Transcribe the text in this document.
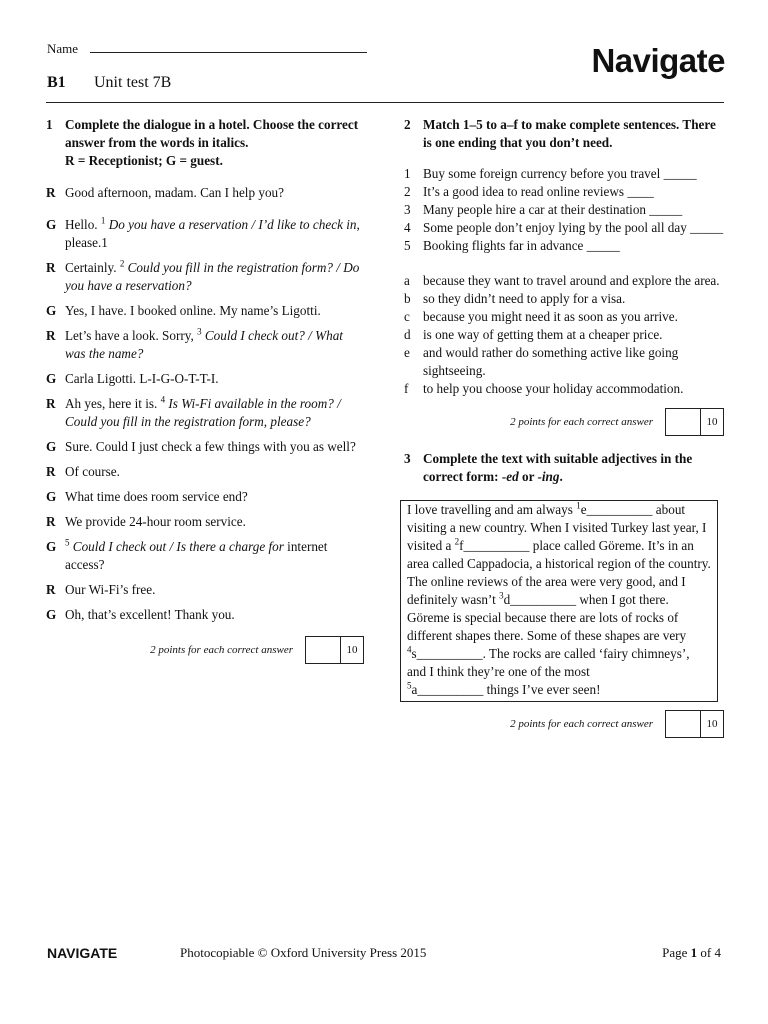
Name
B1 Unit test 7B
Navigate
1 Complete the dialogue in a hotel. Choose the correct answer from the words in italics.
R = Receptionist; G = guest.
R Good afternoon, madam. Can I help you?
G Hello. $^1$ Do you have a reservation / I’d like to check in, please.1
R Certainly. $^2$ Could you fill in the registration form? / Do you have a reservation?
G Yes, I have. I booked online. My name’s Ligotti.
R Let’s have a look. Sorry, $^3$ Could I check out? / What was the name?
G Carla Ligotti. L-I-G-O-T-T-I.
R Ah yes, here it is. $^4$ Is Wi-Fi available in the room? / Could you fill in the registration form, please?
G Sure. Could I just check a few things with you as well?
R Of course.
G What time does room service end?
R We provide 24-hour room service.
G $^5$ Could I check out / Is there a charge for internet access?
R Our Wi-Fi’s free.
G Oh, that’s excellent! Thank you.
2 points for each correct answer	10
2 Match 1–5 to a–f to make complete sentences. There is one ending that you don’t need.
1 Buy some foreign currency before you travel _____
2 It’s a good idea to read online reviews ____
3 Many people hire a car at their destination _____
4 Some people don’t enjoy lying by the pool all day _____
5 Booking flights far in advance _____
a because they want to travel around and explore the area.
b so they didn’t need to apply for a visa.
c because you might need it as soon as you arrive.
d is one way of getting them at a cheaper price.
e and would rather do something active like going sightseeing.
f	to help you choose your holiday accommodation.
2 points for each correct answer	10
3 Complete the text with suitable adjectives in the correct form: -ed or -ing.
I love travelling and am always $^1$e__________ about visiting a new country. When I visited Turkey last year, I visited a $^2$f__________ place called Göreme. It’s in an area called Cappadocia, a historical region of the country. The online reviews of the area were very good, and I definitely wasn’t $^3$d__________ when I got there. Göreme is special because there are lots of rocks of different shapes there. Some of these shapes are very $^4$s__________. The rocks are called ‘fairy chimneys’, and I think they’re one of the most
$^5$a__________ things I’ve ever seen!
2 points for each correct answer	10
NAVIGATE	Photocopiable © Oxford University Press 2015	Page 1 of 4
